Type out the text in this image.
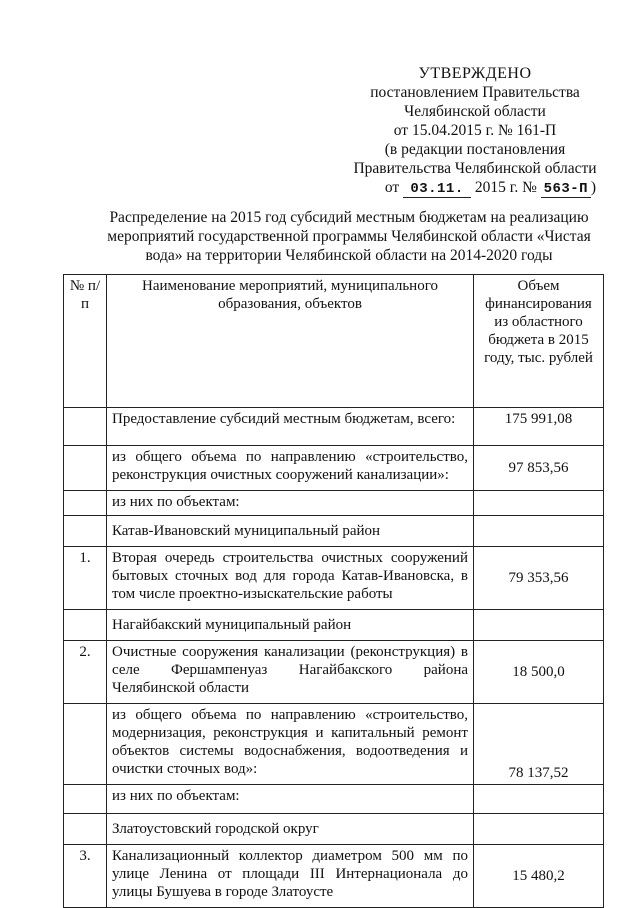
УТВЕРЖДЕНО
постановлением Правительства
Челябинской области
от 15.04.2015 г. № 161-П
(в редакции постановления
Правительства Челябинской области
от 03.11. 2015 г. № 563-П )
Распределение на 2015 год субсидий местным бюджетам на реализацию мероприятий государственной программы Челябинской области «Чистая вода» на территории Челябинской области на 2014-2020 годы
№ п/п	Наименование мероприятий, муниципального образования, объектов	Объем финансирования из областного бюджета в 2015 году, тыс. рублей
	Предоставление субсидий местным бюджетам, всего:	175 991,08
	из общего объема по направлению «строительство, реконструкция очистных сооружений канализации»:	97 853,56
	из них по объектам:	
	Катав-Ивановский муниципальный район	
1.	Вторая очередь строительства очистных сооружений бытовых сточных вод для города Катав-Ивановска, в том числе проектно-изыскательские работы	79 353,56
	Нагайбакский муниципальный район	
2.	Очистные сооружения канализации (реконструкция) в селе Фершампенуаз Нагайбакского района Челябинской области	18 500,0
	из общего объема по направлению «строительство, модернизация, реконструкция и капитальный ремонт объектов системы водоснабжения, водоотведения и очистки сточных вод»:	78 137,52
	из них по объектам:	
	Златоустовский городской округ	
3.	Канализационный коллектор диаметром 500 мм по улице Ленина от площади III Интернационала до улицы Бушуева в городе Златоусте	15 480,2
